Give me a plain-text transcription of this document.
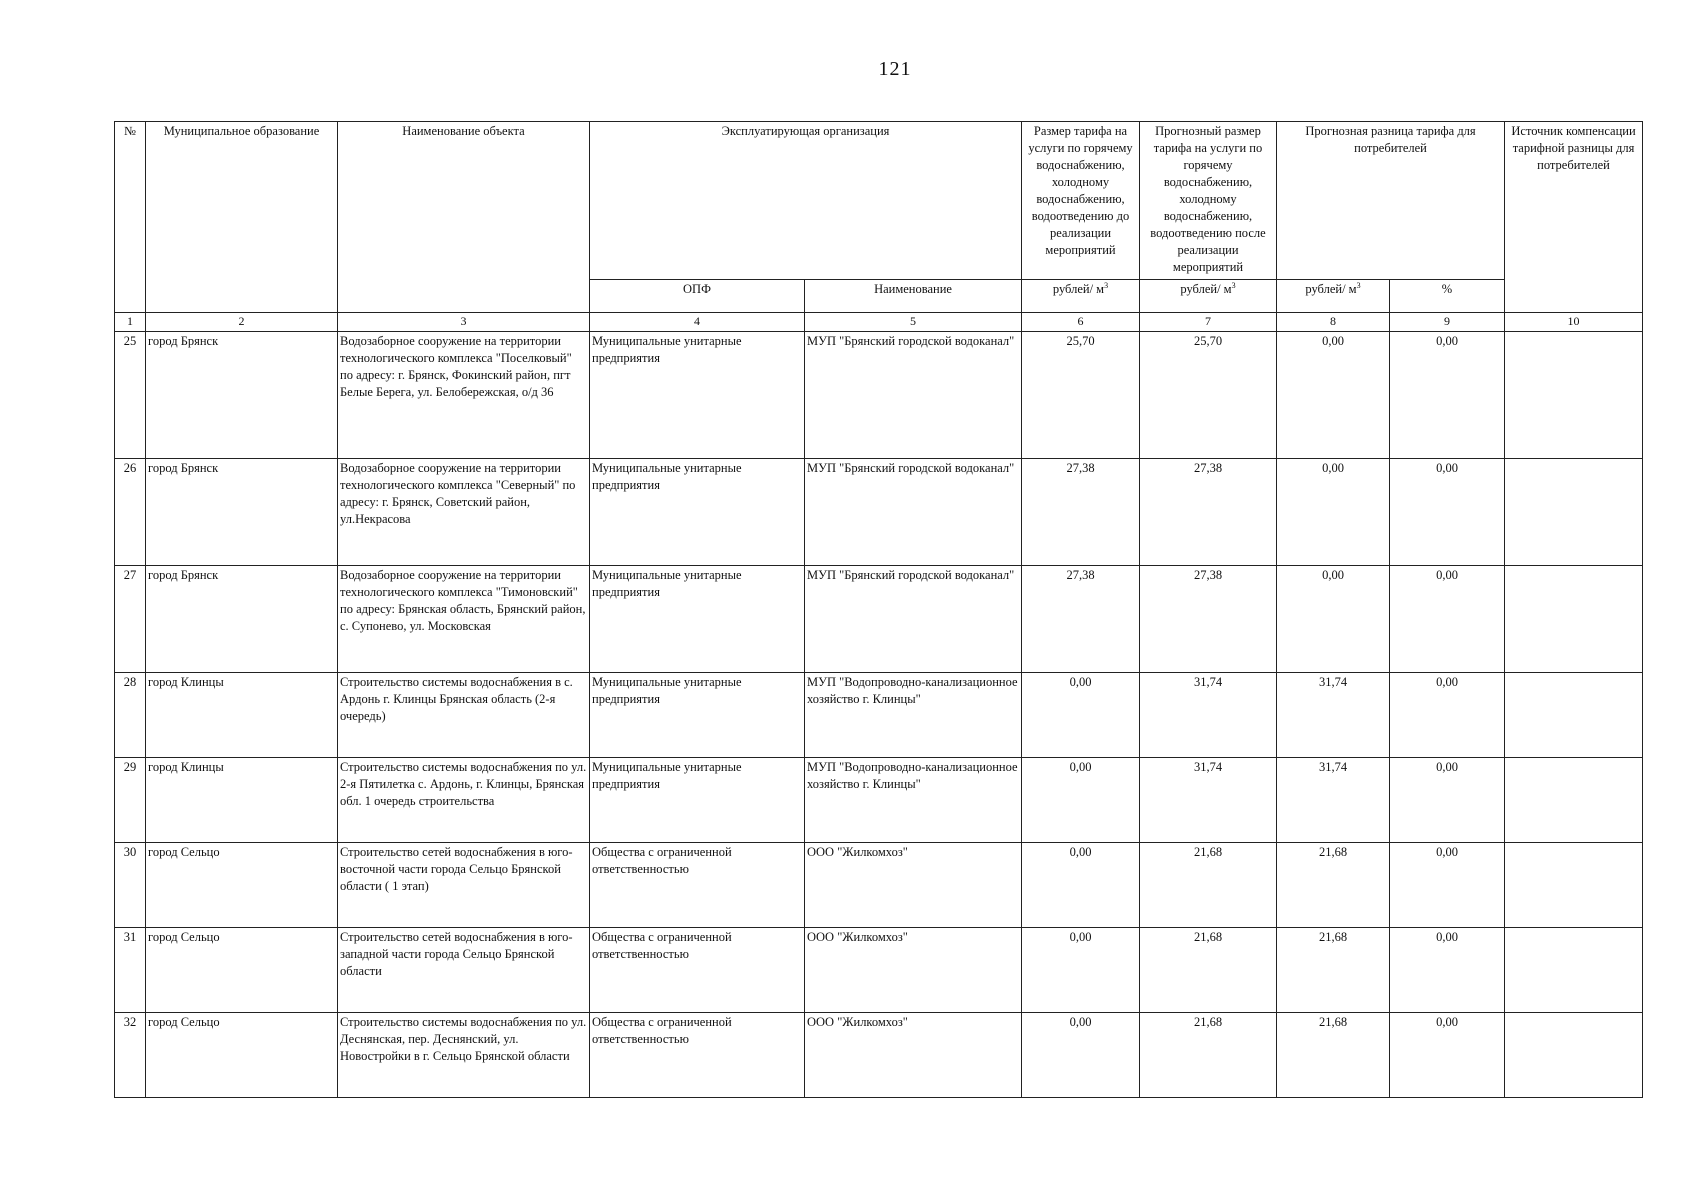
121
№	Муниципальное образование	Наименование объекта	Эксплуатирующая организация		Размер тарифа на услуги по горячему водоснабжению, холодному водоснабжению, водоотведению до реализации мероприятий	Прогнозный размер тарифа на услуги по горячему водоснабжению, холодному водоснабжению, водоотведению после реализации мероприятий	Прогнозная разница тарифа для потребителей		Источник компенсации тарифной разницы для потребителей
			ОПФ	Наименование	рублей/ $м^3$	рублей/ $м^3$	рублей/ $м^3$	%	
1	2	3	4	5	6	7	8	9	10
25	город Брянск	Водозаборное сооружение на территории технологического комплекса "Поселковый" по адресу: г. Брянск, Фокинский район, пгт Белые Берега, ул. Белобережская, о/д 36	Муниципальные унитарные предприятия	МУП "Брянский городской водоканал"	25,70	25,70	0,00	0,00	
26	город Брянск	Водозаборное сооружение на территории технологического комплекса "Северный" по адресу: г. Брянск, Советский район, ул.Некрасова	Муниципальные унитарные предприятия	МУП "Брянский городской водоканал"	27,38	27,38	0,00	0,00	
27	город Брянск	Водозаборное сооружение на территории технологического комплекса "Тимоновский" по адресу: Брянская область, Брянский район, с. Супонево, ул. Московская	Муниципальные унитарные предприятия	МУП "Брянский городской водоканал"	27,38	27,38	0,00	0,00	
28	город Клинцы	Строительство системы водоснабжения в с. Ардонь г. Клинцы Брянская область (2-я очередь)	Муниципальные унитарные предприятия	МУП "Водопроводно-канализационное хозяйство г. Клинцы"	0,00	31,74	31,74	0,00	
29	город Клинцы	Строительство системы водоснабжения по ул. 2-я Пятилетка с. Ардонь, г. Клинцы, Брянская обл. 1 очередь строительства	Муниципальные унитарные предприятия	МУП "Водопроводно-канализационное хозяйство г. Клинцы"	0,00	31,74	31,74	0,00	
30	город Сельцо	Строительство сетей водоснабжения в юго-восточной части города Сельцо Брянской области ( 1 этап)	Общества с ограниченной ответственностью	ООО "Жилкомхоз"	0,00	21,68	21,68	0,00	
31	город Сельцо	Строительство сетей водоснабжения в юго-западной части города Сельцо Брянской области	Общества с ограниченной ответственностью	ООО "Жилкомхоз"	0,00	21,68	21,68	0,00	
32	город Сельцо	Строительство системы водоснабжения по ул. Деснянская, пер. Деснянский, ул. Новостройки в г. Сельцо Брянской области	Общества с ограниченной ответственностью	ООО "Жилкомхоз"	0,00	21,68	21,68	0,00	
